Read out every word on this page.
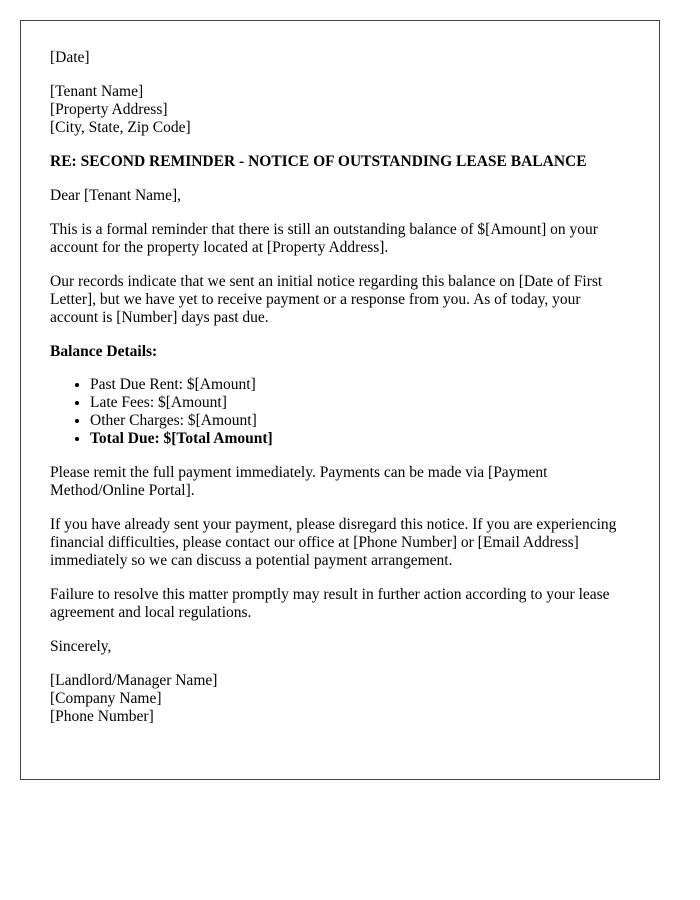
[Date]
[Tenant Name]
[Property Address]
[City, State, Zip Code]
RE: SECOND REMINDER - NOTICE OF OUTSTANDING LEASE BALANCE

Dear [Tenant Name],

This is a formal reminder that there is still an outstanding balance of $[Amount] on your account for the property located at [Property Address].

Our records indicate that we sent an initial notice regarding this balance on [Date of First Letter], but we have yet to receive payment or a response from you. As of today, your account is [Number] days past due.

Balance Details:
• Past Due Rent: $[Amount]
• Late Fees: $[Amount]
• Other Charges: $[Amount]
• Total Due: $[Total Amount]

Please remit the full payment immediately. Payments can be made via [Payment Method/Online Portal].

If you have already sent your payment, please disregard this notice. If you are experiencing financial difficulties, please contact our office at [Phone Number] or [Email Address] immediately so we can discuss a potential payment arrangement.

Failure to resolve this matter promptly may result in further action according to your lease agreement and local regulations.

Sincerely,

[Landlord/Manager Name]
[Company Name]
[Phone Number]
